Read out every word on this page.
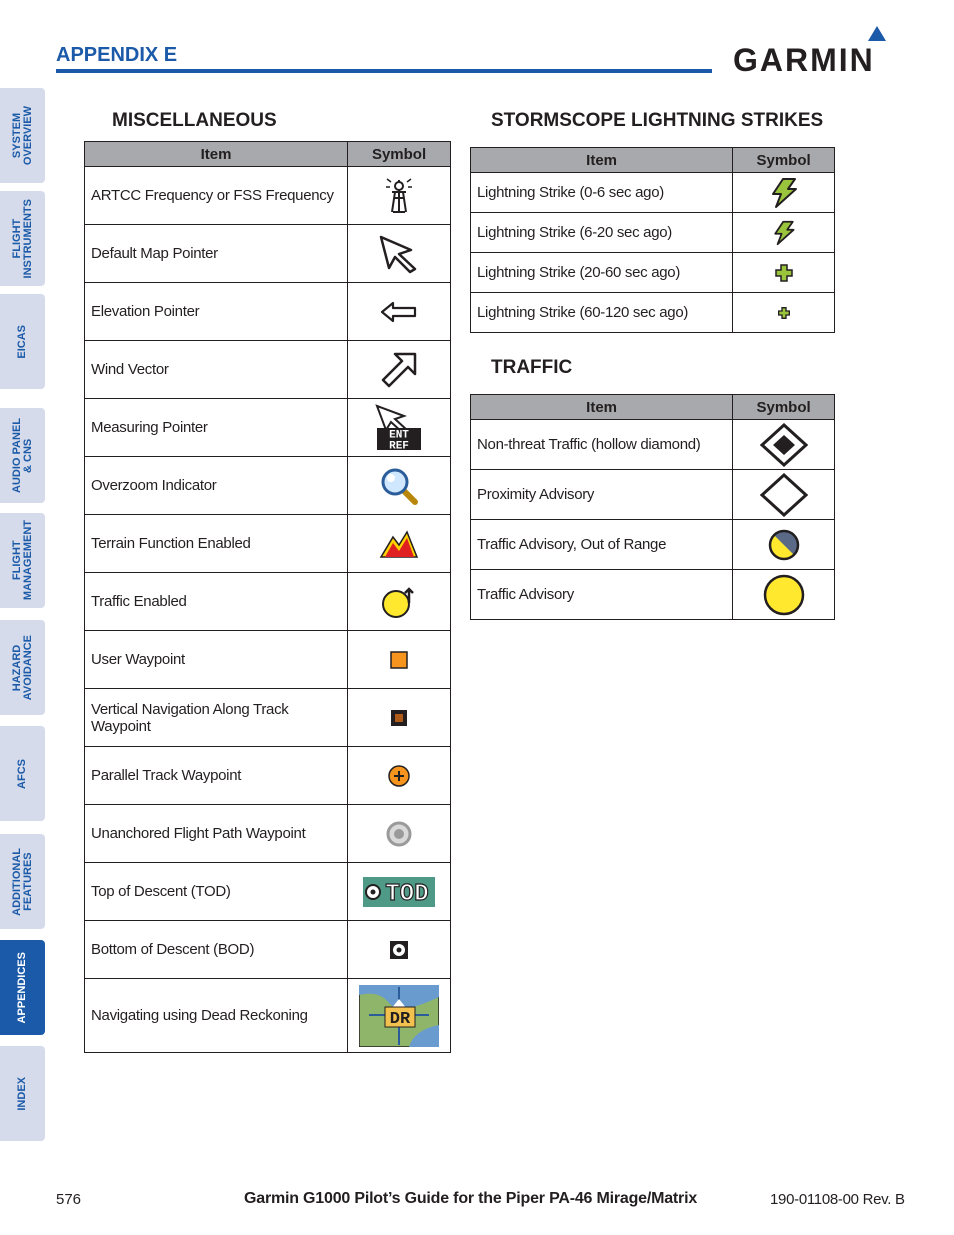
SYSTEM
OVERVIEW
FLIGHT
INSTRUMENTS
EICAS
AUDIO PANEL
& CNS
FLIGHT
MANAGEMENT
HAZARD
AVOIDANCE
AFCS
ADDITIONAL
FEATURES
APPENDICES
INDEX
APPENDIX E	GARMIN
MISCELLANEOUS
Item	Symbol
ARTCC Frequency or FSS Frequency	

Default Map Pointer	

Elevation Pointer	

Wind Vector	

Measuring Pointer	ENT
REF

Overzoom Indicator	

Terrain Function Enabled	

Traffic Enabled	

User Waypoint	

Vertical Navigation Along Track Waypoint	

Parallel Track Waypoint	

Unanchored Flight Path Waypoint	

Top of Descent (TOD)	TOD

Bottom of Descent (BOD)	

Navigating using Dead Reckoning	DR
STORMSCOPE LIGHTNING STRIKES
Item	Symbol
Lightning Strike (0-6 sec ago)	

Lightning Strike (6-20 sec ago)	

Lightning Strike (20-60 sec ago)	

Lightning Strike (60-120 sec ago)	
TRAFFIC
Item	Symbol
Non-threat Traffic (hollow diamond)	

Proximity Advisory	

Traffic Advisory, Out of Range	

Traffic Advisory	
576	Garmin G1000 Pilot’s Guide for the Piper PA-46 Mirage/Matrix	190-01108-00 Rev. B
